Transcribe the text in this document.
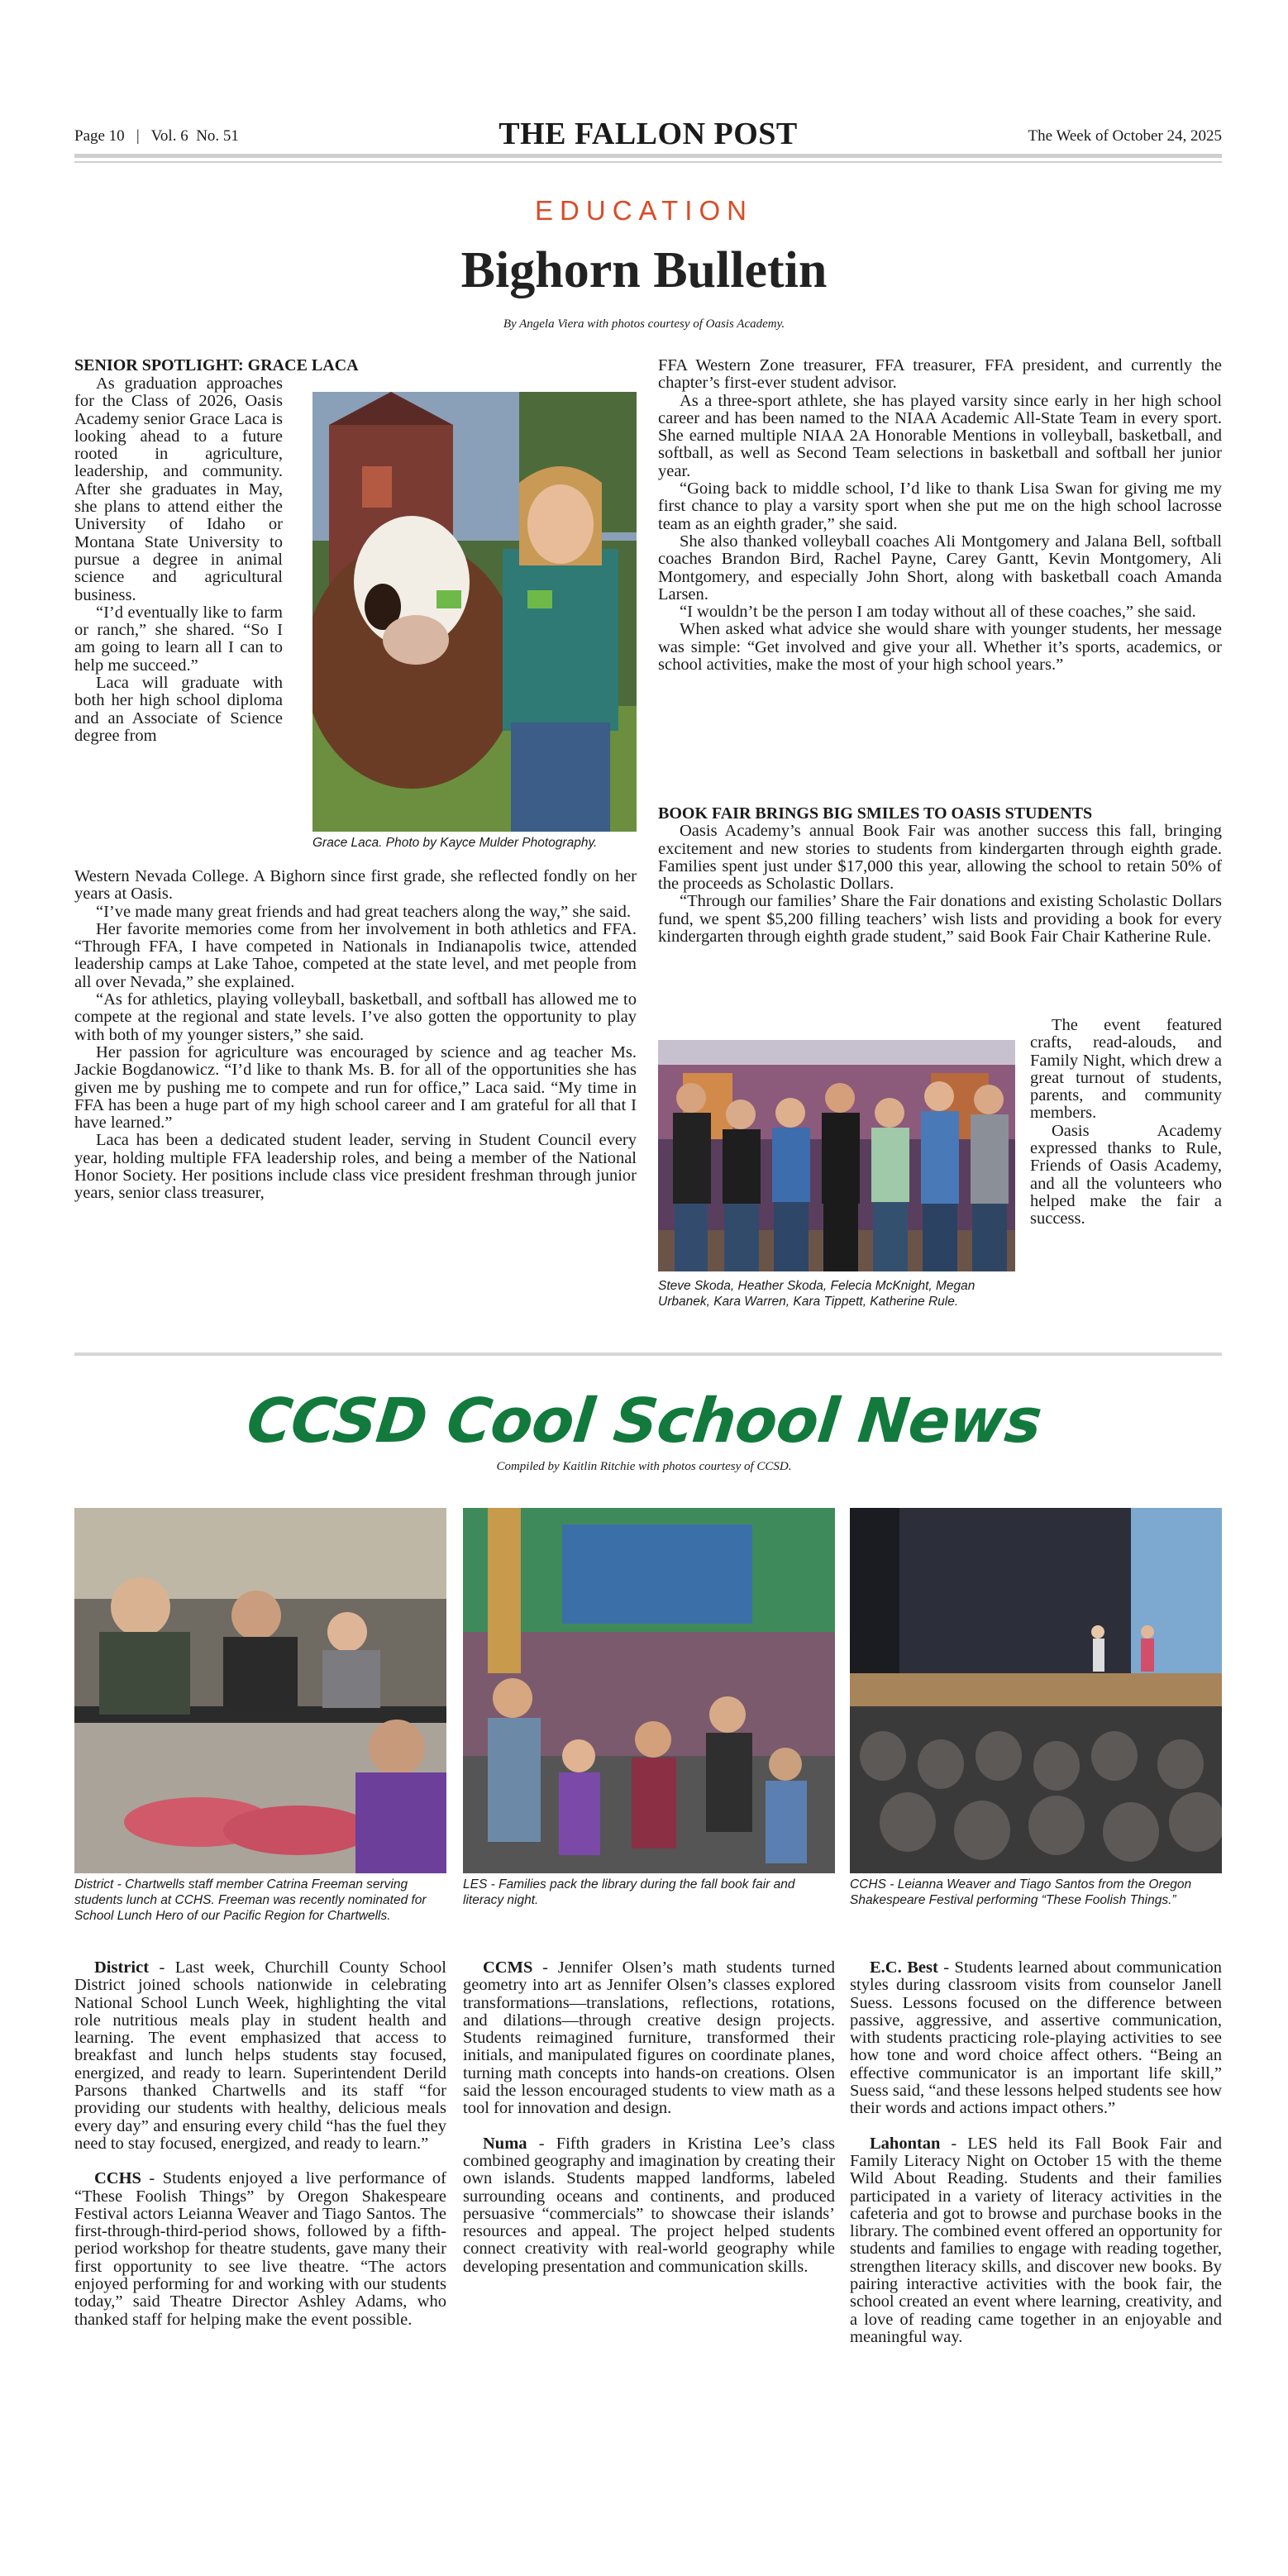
Page 10   |   Vol. 6  No. 51	THE FALLON POST	The Week of October 24, 2025
EDUCATION
Bighorn Bulletin
By Angela Viera with photos courtesy of Oasis Academy.

SENIOR SPOTLIGHT: GRACE LACA

As graduation approaches for the Class of 2026, Oasis Academy senior Grace Laca is looking ahead to a future rooted in agriculture, leadership, and community. After she graduates in May, she plans to attend either the University of Idaho or Montana State University to pursue a degree in animal science and agricultural business.

“I’d eventually like to farm or ranch,” she shared. “So I am going to learn all I can to help me succeed.”

Laca will graduate with both her high school diploma and an Associate of Science degree from

Grace Laca. Photo by Kayce Mulder Photography.

Western Nevada College. A Bighorn since first grade, she reflected fondly on her years at Oasis.

“I’ve made many great friends and had great teachers along the way,” she said.

Her favorite memories come from her involvement in both athletics and FFA. “Through FFA, I have competed in Nationals in Indianapolis twice, attended leadership camps at Lake Tahoe, competed at the state level, and met people from all over Nevada,” she explained.

“As for athletics, playing volleyball, basketball, and softball has allowed me to compete at the regional and state levels. I’ve also gotten the opportunity to play with both of my younger sisters,” she said.

Her passion for agriculture was encouraged by science and ag teacher Ms. Jackie Bogdanowicz. “I’d like to thank Ms. B. for all of the opportunities she has given me by pushing me to compete and run for office,” Laca said. “My time in FFA has been a huge part of my high school career and I am grateful for all that I have learned.”

Laca has been a dedicated student leader, serving in Student Council every year, holding multiple FFA leadership roles, and being a member of the National Honor Society. Her positions include class vice president freshman through junior years, senior class treasurer,

FFA Western Zone treasurer, FFA treasurer, FFA president, and currently the chapter’s first-ever student advisor.

As a three-sport athlete, she has played varsity since early in her high school career and has been named to the NIAA Academic All-State Team in every sport. She earned multiple NIAA 2A Honorable Mentions in volleyball, basketball, and softball, as well as Second Team selections in basketball and softball her junior year.

“Going back to middle school, I’d like to thank Lisa Swan for giving me my first chance to play a varsity sport when she put me on the high school lacrosse team as an eighth grader,” she said.

She also thanked volleyball coaches Ali Montgomery and Jalana Bell, softball coaches Brandon Bird, Rachel Payne, Carey Gantt, Kevin Montgomery, Ali Montgomery, and especially John Short, along with basketball coach Amanda Larsen.

“I wouldn’t be the person I am today without all of these coaches,” she said.

When asked what advice she would share with younger students, her message was simple: “Get involved and give your all. Whether it’s sports, academics, or school activities, make the most of your high school years.”

BOOK FAIR BRINGS BIG SMILES TO OASIS STUDENTS

Oasis Academy’s annual Book Fair was another success this fall, bringing excitement and new stories to students from kindergarten through eighth grade. Families spent just under $17,000 this year, allowing the school to retain 50% of the proceeds as Scholastic Dollars.

“Through our families’ Share the Fair donations and existing Scholastic Dollars fund, we spent $5,200 filling teachers’ wish lists and providing a book for every kindergarten through eighth grade student,” said Book Fair Chair Katherine Rule.

Steve Skoda, Heather Skoda, Felecia McKnight, Megan Urbanek, Kara Warren, Kara Tippett, Katherine Rule.

The event featured crafts, read-alouds, and Family Night, which drew a great turnout of students, parents, and community members.

Oasis Academy expressed thanks to Rule, Friends of Oasis Academy, and all the volunteers who helped make the fair a success.

CCSD Cool School News
Compiled by Kaitlin Ritchie with photos courtesy of CCSD.
District - Chartwells staff member Catrina Freeman serving students lunch at CCHS. Freeman was recently nominated for School Lunch Hero of our Pacific Region for Chartwells.
LES - Families pack the library during the fall book fair and literacy night.
CCHS - Leianna Weaver and Tiago Santos from the Oregon Shakespeare Festival performing “These Foolish Things.”

District - Last week, Churchill County School District joined schools nationwide in celebrating National School Lunch Week, highlighting the vital role nutritious meals play in student health and learning. The event emphasized that access to breakfast and lunch helps students stay focused, energized, and ready to learn. Superintendent Derild Parsons thanked Chartwells and its staff “for providing our students with healthy, delicious meals every day” and ensuring every child “has the fuel they need to stay focused, energized, and ready to learn.”

CCHS - Students enjoyed a live performance of “These Foolish Things” by Oregon Shakespeare Festival actors Leianna Weaver and Tiago Santos. The first-through-third-period shows, followed by a fifth-period workshop for theatre students, gave many their first opportunity to see live theatre. “The actors enjoyed performing for and working with our students today,” said Theatre Director Ashley Adams, who thanked staff for helping make the event possible.

CCMS - Jennifer Olsen’s math students turned geometry into art as Jennifer Olsen’s classes explored transformations—translations, reflections, rotations, and dilations—through creative design projects. Students reimagined furniture, transformed their initials, and manipulated figures on coordinate planes, turning math concepts into hands-on creations. Olsen said the lesson encouraged students to view math as a tool for innovation and design.

Numa - Fifth graders in Kristina Lee’s class combined geography and imagination by creating their own islands. Students mapped landforms, labeled surrounding oceans and continents, and produced persuasive “commercials” to showcase their islands’ resources and appeal. The project helped students connect creativity with real-world geography while developing presentation and communication skills.

E.C. Best - Students learned about communication styles during classroom visits from counselor Janell Suess. Lessons focused on the difference between passive, aggressive, and assertive communication, with students practicing role-playing activities to see how tone and word choice affect others. “Being an effective communicator is an important life skill,” Suess said, “and these lessons helped students see how their words and actions impact others.”

Lahontan - LES held its Fall Book Fair and Family Literacy Night on October 15 with the theme Wild About Reading. Students and their families participated in a variety of literacy activities in the cafeteria and got to browse and purchase books in the library. The combined event offered an opportunity for students and families to engage with reading together, strengthen literacy skills, and discover new books. By pairing interactive activities with the book fair, the school created an event where learning, creativity, and a love of reading came together in an enjoyable and meaningful way.
